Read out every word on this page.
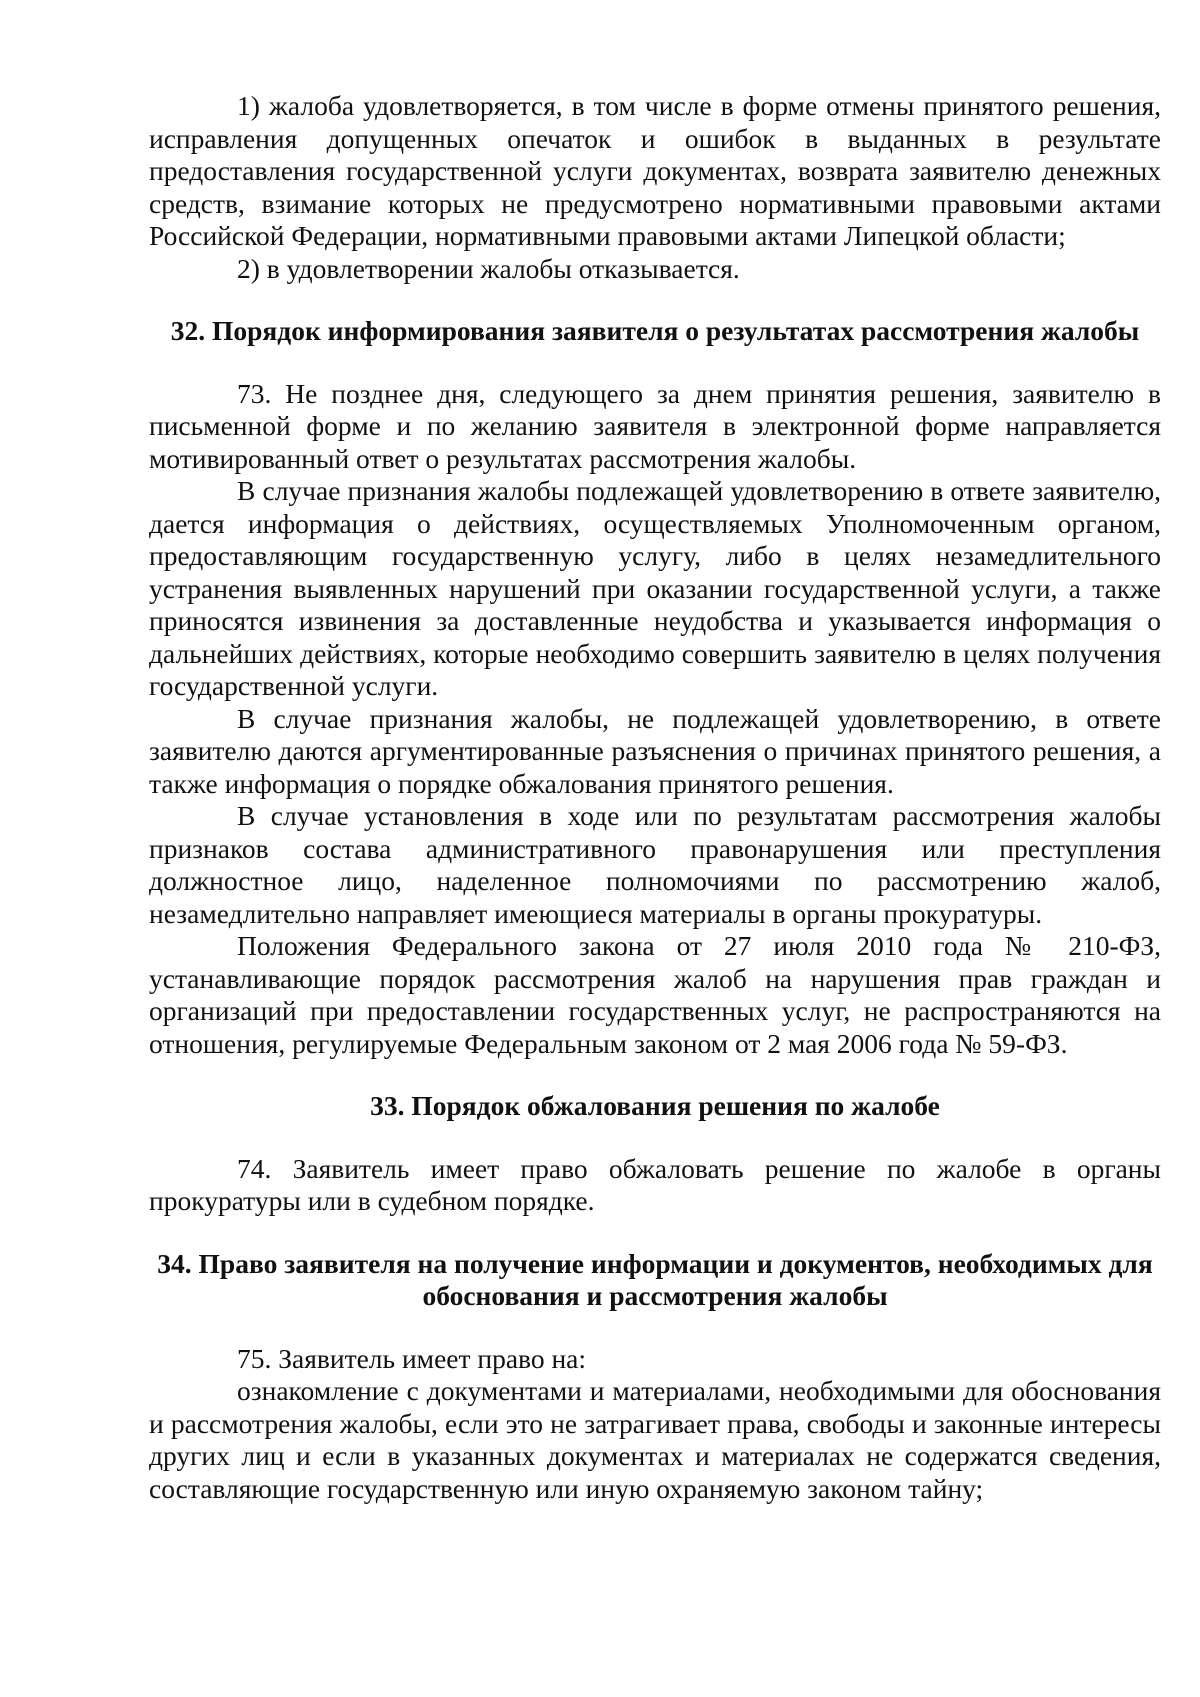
1) жалоба удовлетворяется, в том числе в форме отмены принятого решения, исправления допущенных опечаток и ошибок в выданных в результате предоставления государственной услуги документах, возврата заявителю денежных средств, взимание которых не предусмотрено нормативными правовыми актами Российской Федерации, нормативными правовыми актами Липецкой области;

2) в удовлетворении жалобы отказывается.

32. Порядок информирования заявителя о результатах рассмотрения жалобы

73. Не позднее дня, следующего за днем принятия решения, заявителю в письменной форме и по желанию заявителя в электронной форме направляется мотивированный ответ о результатах рассмотрения жалобы.

В случае признания жалобы подлежащей удовлетворению в ответе заявителю, дается информация о действиях, осуществляемых Уполномоченным органом, предоставляющим государственную услугу, либо в целях незамедлительного устранения выявленных нарушений при оказании государственной услуги, а также приносятся извинения за доставленные неудобства и указывается информация о дальнейших действиях, которые необходимо совершить заявителю в целях получения государственной услуги.

В случае признания жалобы, не подлежащей удовлетворению, в ответе заявителю даются аргументированные разъяснения о причинах принятого решения, а также информация о порядке обжалования принятого решения.

В случае установления в ходе или по результатам рассмотрения жалобы признаков состава административного правонарушения или преступления должностное лицо, наделенное полномочиями по рассмотрению жалоб, незамедлительно направляет имеющиеся материалы в органы прокуратуры.

Положения Федерального закона от 27 июля 2010 года № 210-ФЗ, устанавливающие порядок рассмотрения жалоб на нарушения прав граждан и организаций при предоставлении государственных услуг, не распространяются на отношения, регулируемые Федеральным законом от 2 мая 2006 года № 59-ФЗ.

33. Порядок обжалования решения по жалобе

74. Заявитель имеет право обжаловать решение по жалобе в органы прокуратуры или в судебном порядке.

34. Право заявителя на получение информации и документов, необходимых для обоснования и рассмотрения жалобы

75. Заявитель имеет право на:

ознакомление с документами и материалами, необходимыми для обоснования и рассмотрения жалобы, если это не затрагивает права, свободы и законные интересы других лиц и если в указанных документах и материалах не содержатся сведения, составляющие государственную или иную охраняемую законом тайну;
